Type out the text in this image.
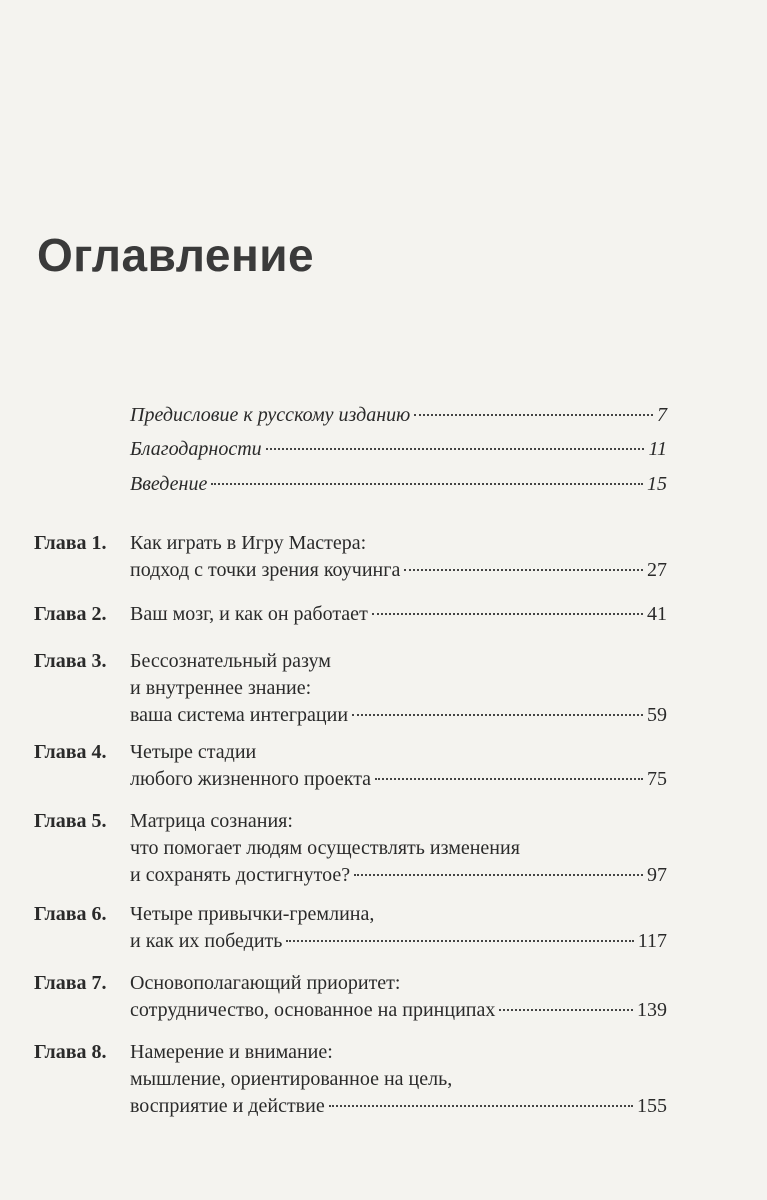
Оглавление
Предисловие к русскому изданию	7
Благодарности	11
Введение	15
Глава 1. Как играть в Игру Мастера:
подход с точки зрения коучинга	27
Глава 2. Ваш мозг, и как он работает	41
Глава 3. Бессознательный разум
и внутреннее знание:
ваша система интеграции	59
Глава 4. Четыре стадии
любого жизненного проекта	75
Глава 5. Матрица сознания:
что помогает людям осуществлять изменения
и сохранять достигнутое?	97
Глава 6. Четыре привычки-гремлина,
и как их победить	117
Глава 7. Основополагающий приоритет:
сотрудничество, основанное на принципах	139
Глава 8. Намерение и внимание:
мышление, ориентированное на цель,
восприятие и действие	155
